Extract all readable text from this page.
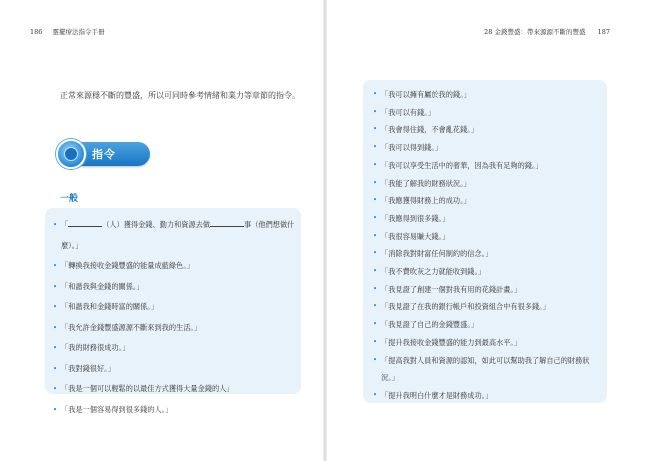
186 靈擺療法指令手冊
正常來源穩不斷的豐盛，所以可同時參考情緒和業力等章節的指令。
指令
一般
• 「	（人）獲得金錢、勤力和資源去做	事（他們想做什麼）。」
• 「轉換我接收金錢豐盛的能量成藍綠色。」
• 「和諧我與金錢的關係。」
• 「和諧我和金錢時富的關係。」
• 「我允許金錢豐盛源源不斷來到我的生活。」
• 「我的財務很成功。」
• 「我對錢很好。」
• 「我是一個可以輕鬆的以最佳方式獲得大量金錢的人」
• 「我是一個容易得到很多錢的人。」
28 金錢豐盛：帶來源源不斷的豐盛 187
• 「我可以擁有屬於我的錢。」
• 「我可以有錢。」
• 「我會得住錢，不會亂花錢。」
• 「我可以得到錢。」
• 「我可以享受生活中的奢華，因為我有足夠的錢。」
• 「我能了解我的財務狀況。」
• 「我應獲得財務上的成功。」
• 「我應得到很多錢。」
• 「我很容易賺大錢。」
• 「消除我對財富任何制約的信念。」
• 「我不費吹灰之力就能收到錢。」
• 「我見證了創建一個對我有用的花錢計畫。」
• 「我見證了在我的銀行帳戶和投資組合中有很多錢。」
• 「我見證了自己的金錢豐盛。」
• 「提升我接收金錢豐盛的能力到最高水平。」
• 「提高我對人員和資源的認知，如此可以幫助我了解自己的財務狀況。」
• 「提升我明白什麼才是財務成功。」
